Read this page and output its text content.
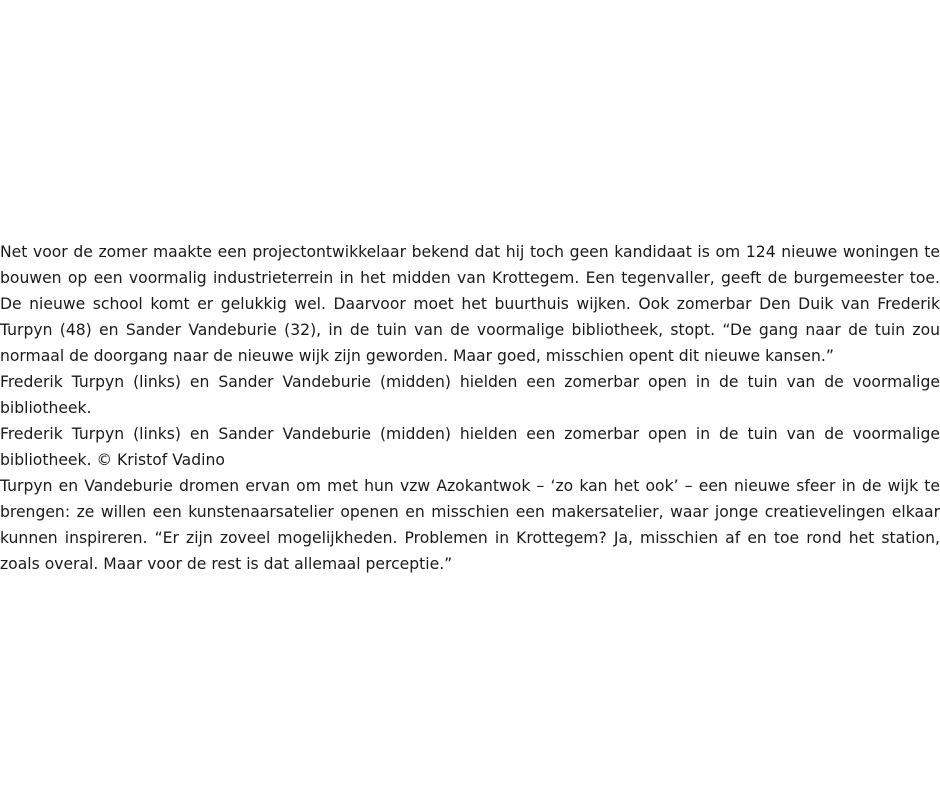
Net voor de zomer maakte een projectontwikkelaar bekend dat hij toch geen kandidaat is om 124 nieuwe woningen te bouwen op een voormalig industrieterrein in het midden van Krottegem. Een tegenvaller, geeft de burgemeester toe. De nieuwe school komt er gelukkig wel. Daarvoor moet het buurthuis wijken. Ook zomerbar Den Duik van Frederik Turpyn (48) en Sander Vandeburie (32), in de tuin van de voormalige bibliotheek, stopt. “De gang naar de tuin zou normaal de doorgang naar de nieuwe wijk zijn geworden. Maar goed, misschien opent dit nieuwe kansen.”

Frederik Turpyn (links) en Sander Vandeburie (midden) hielden een zomerbar open in de tuin van de voormalige bibliotheek.

Frederik Turpyn (links) en Sander Vandeburie (midden) hielden een zomerbar open in de tuin van de voormalige bibliotheek. © Kristof Vadino

Turpyn en Vandeburie dromen ervan om met hun vzw Azokantwok – ‘zo kan het ook’ – een nieuwe sfeer in de wijk te brengen: ze willen een kunstenaarsatelier openen en misschien een makersatelier, waar jonge creatievelingen elkaar kunnen inspireren. “Er zijn zoveel mogelijkheden. Problemen in Krottegem? Ja, misschien af en toe rond het station, zoals overal. Maar voor de rest is dat allemaal perceptie.”
